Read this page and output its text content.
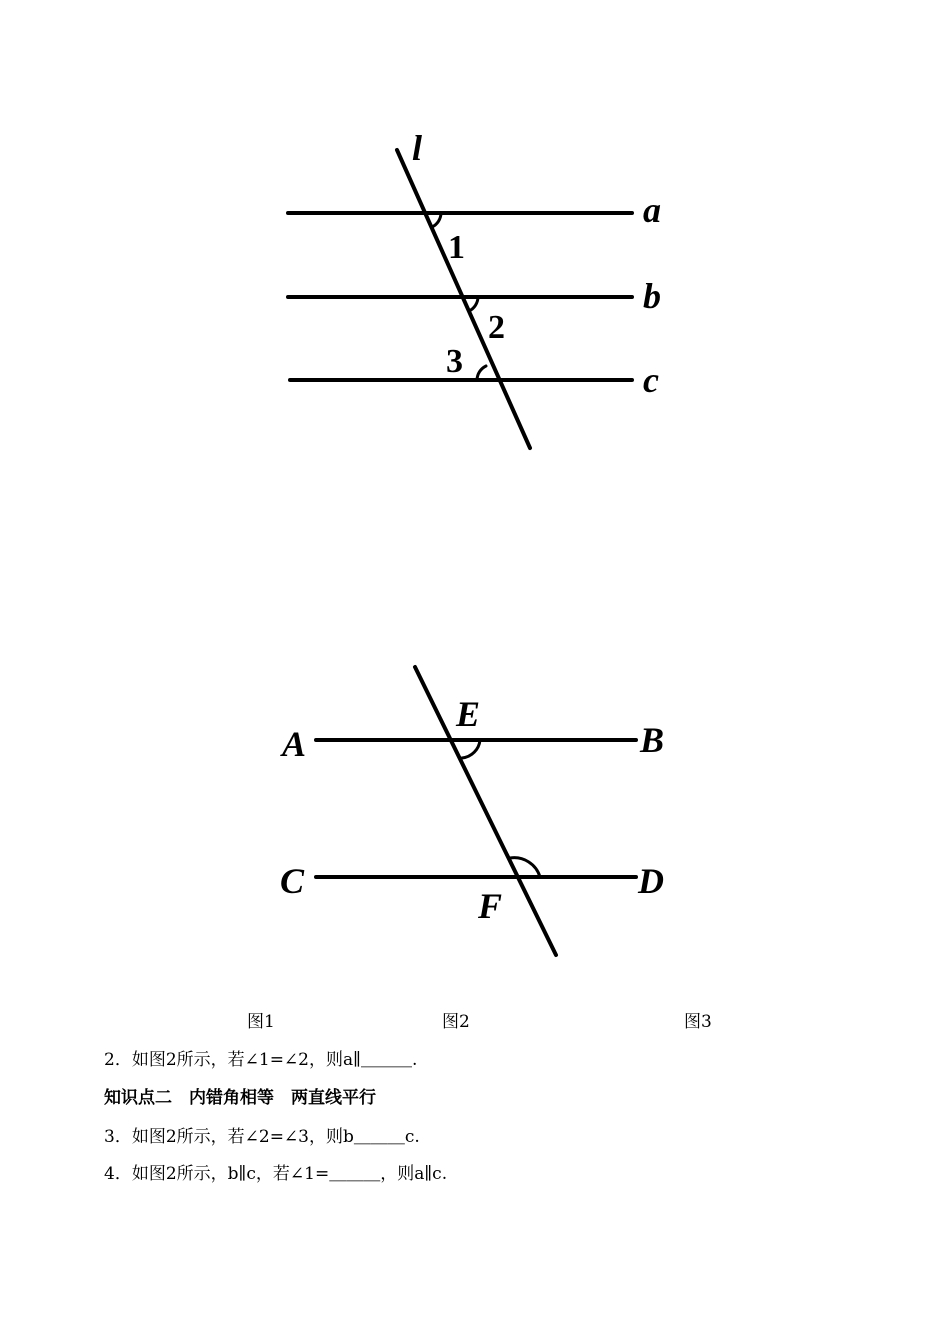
l
a
b
c
1
2
3
A	B
C	D
E
F
图1	图2	图3
2．如图2所示，若∠1=∠2，则a∥＿＿＿.
知识点二　内错角相等　两直线平行
3．如图2所示，若∠2=∠3，则b＿＿＿c.
4．如图2所示，b∥c，若∠1=＿＿＿，则a∥c.
